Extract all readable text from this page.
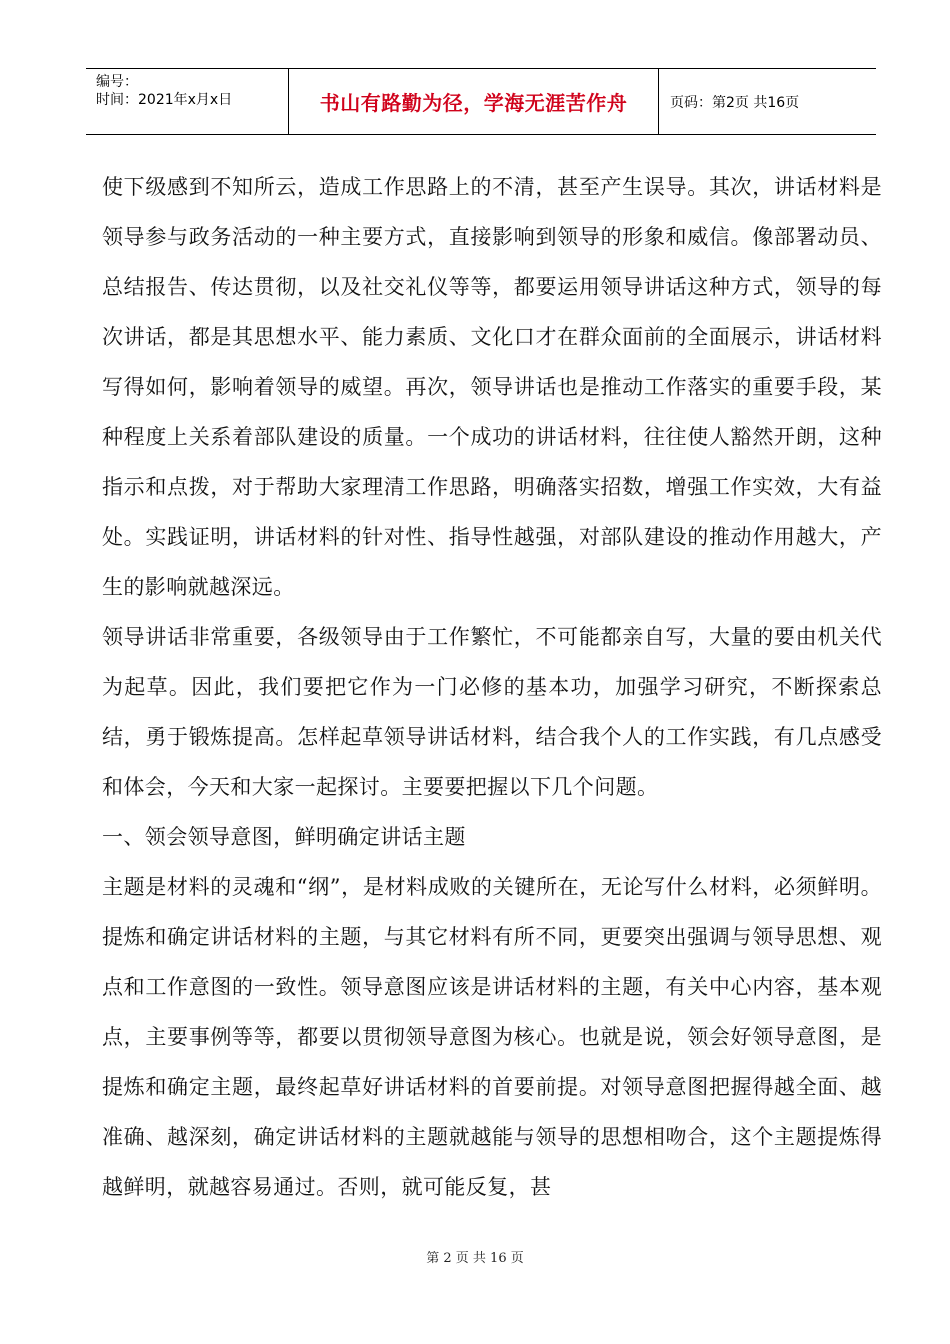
编号：
时间：2021年x月x日	书山有路勤为径，学海无涯苦作舟	页码：第2页 共16页

使下级感到不知所云，造成工作思路上的不清，甚至产生误导。其次，讲话材料是领导参与政务活动的一种主要方式，直接影响到领导的形象和威信。像部署动员、总结报告、传达贯彻，以及社交礼仪等等，都要运用领导讲话这种方式，领导的每次讲话，都是其思想水平、能力素质、文化口才在群众面前的全面展示，讲话材料写得如何，影响着领导的威望。再次，领导讲话也是推动工作落实的重要手段，某种程度上关系着部队建设的质量。一个成功的讲话材料，往往使人豁然开朗，这种指示和点拨，对于帮助大家理清工作思路，明确落实招数，增强工作实效，大有益处。实践证明，讲话材料的针对性、指导性越强，对部队建设的推动作用越大，产生的影响就越深远。

领导讲话非常重要，各级领导由于工作繁忙，不可能都亲自写，大量的要由机关代为起草。因此，我们要把它作为一门必修的基本功，加强学习研究，不断探索总结，勇于锻炼提高。怎样起草领导讲话材料，结合我个人的工作实践，有几点感受和体会，今天和大家一起探讨。主要要把握以下几个问题。

一、领会领导意图，鲜明确定讲话主题

主题是材料的灵魂和“纲”，是材料成败的关键所在，无论写什么材料，必须鲜明。提炼和确定讲话材料的主题，与其它材料有所不同，更要突出强调与领导思想、观点和工作意图的一致性。领导意图应该是讲话材料的主题，有关中心内容，基本观点，主要事例等等，都要以贯彻领导意图为核心。也就是说，领会好领导意图，是提炼和确定主题，最终起草好讲话材料的首要前提。对领导意图把握得越全面、越准确、越深刻，确定讲话材料的主题就越能与领导的思想相吻合，这个主题提炼得越鲜明，就越容易通过。否则，就可能反复，甚

第 2 页 共 16 页
